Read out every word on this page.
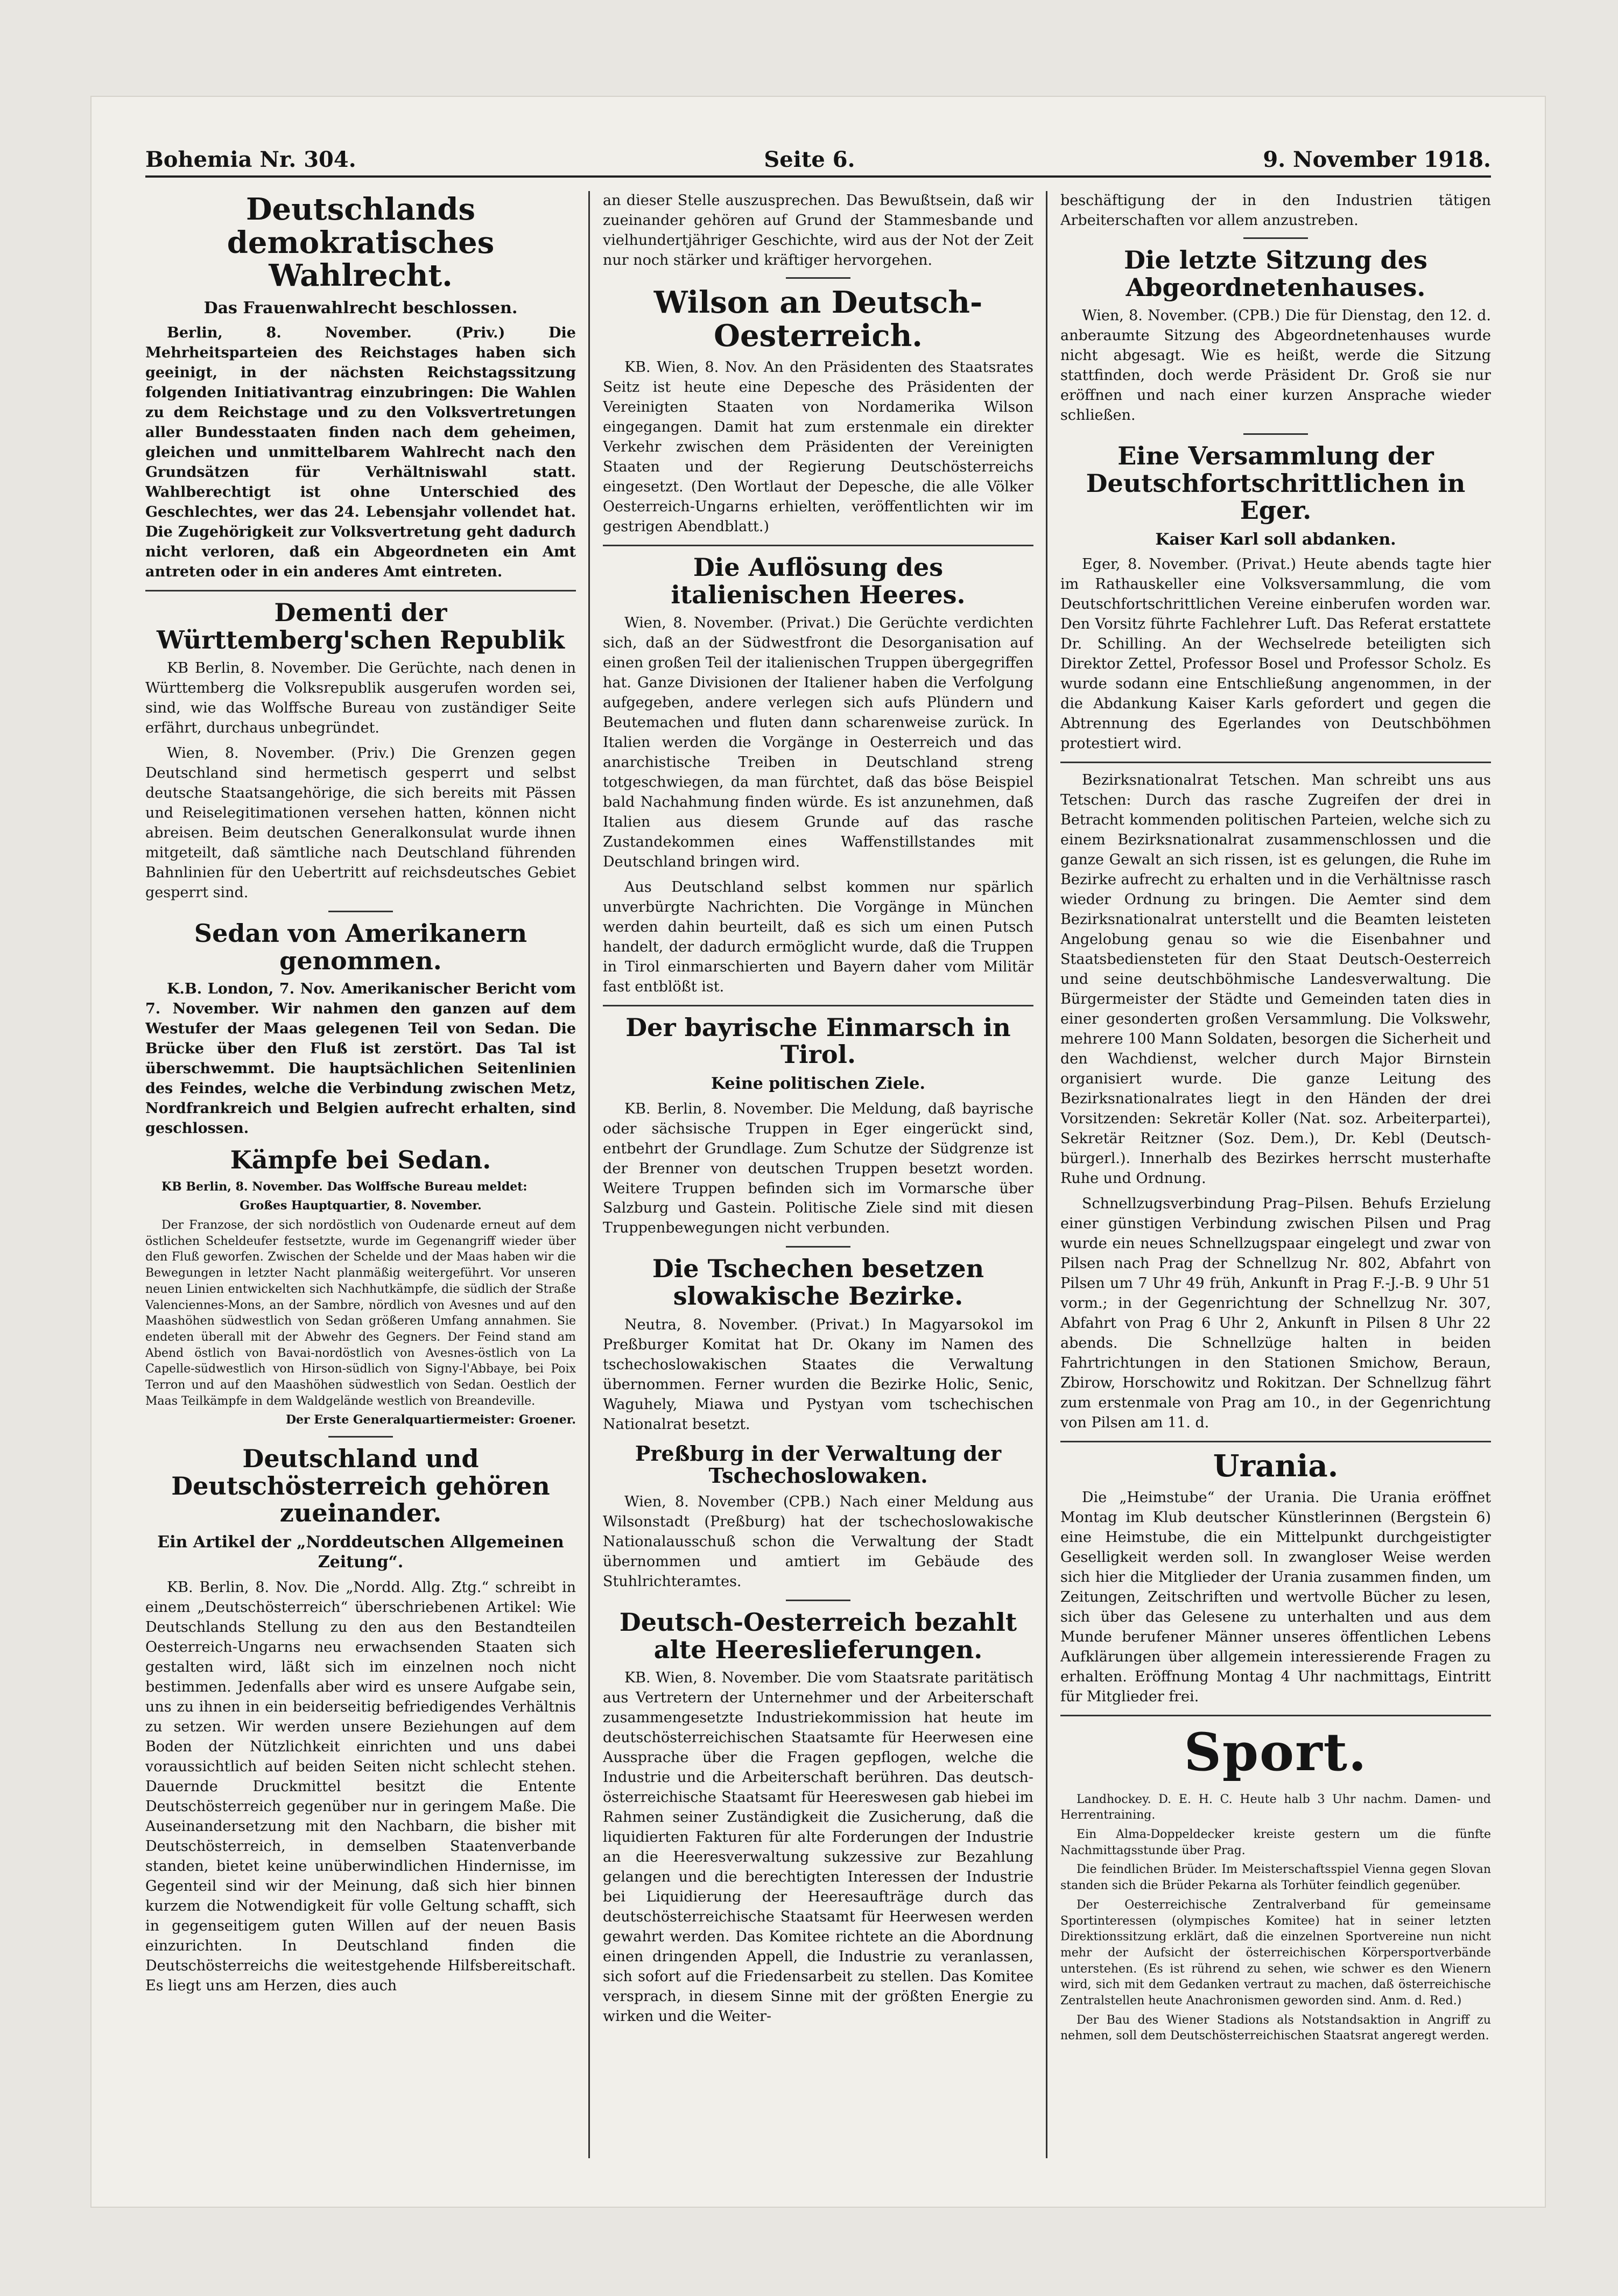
Bohemia Nr. 304.	Seite 6.	9. November 1918.
Deutschlands demokratisches Wahlrecht.
Das Frauenwahlrecht beschlossen.

Berlin, 8. November. (Priv.) Die Mehrheitsparteien des Reichstages haben sich geeinigt, in der nächsten Reichstagssitzung folgenden Initiativantrag einzubringen: Die Wahlen zu dem Reichstage und zu den Volksvertretungen aller Bundesstaaten finden nach dem geheimen, gleichen und unmittelbarem Wahlrecht nach den Grundsätzen für Verhältniswahl statt. Wahlberechtigt ist ohne Unterschied des Geschlechtes, wer das 24. Lebensjahr vollendet hat. Die Zugehörigkeit zur Volksvertretung geht dadurch nicht verloren, daß ein Abgeordneten ein Amt antreten oder in ein anderes Amt eintreten.

Dementi der Württemberg'schen Republik

KB Berlin, 8. November. Die Gerüchte, nach denen in Württemberg die Volksrepublik ausgerufen worden sei, sind, wie das Wolffsche Bureau von zuständiger Seite erfährt, durchaus unbegründet.

Wien, 8. November. (Priv.) Die Grenzen gegen Deutschland sind hermetisch gesperrt und selbst deutsche Staatsangehörige, die sich bereits mit Pässen und Reiselegitimationen versehen hatten, können nicht abreisen. Beim deutschen Generalkonsulat wurde ihnen mitgeteilt, daß sämtliche nach Deutschland führenden Bahnlinien für den Uebertritt auf reichsdeutsches Gebiet gesperrt sind.

Sedan von Amerikanern genommen.

K.B. London, 7. Nov. Amerikanischer Bericht vom 7. November. Wir nahmen den ganzen auf dem Westufer der Maas gelegenen Teil von Sedan. Die Brücke über den Fluß ist zerstört. Das Tal ist überschwemmt. Die hauptsächlichen Seitenlinien des Feindes, welche die Verbindung zwischen Metz, Nordfrankreich und Belgien aufrecht erhalten, sind geschlossen.

Kämpfe bei Sedan.

KB Berlin, 8. November. Das Wolffsche Bureau meldet:

Großes Hauptquartier, 8. November.

Der Franzose, der sich nordöstlich von Oudenarde erneut auf dem östlichen Scheldeufer festsetzte, wurde im Gegenangriff wieder über den Fluß geworfen. Zwischen der Schelde und der Maas haben wir die Bewegungen in letzter Nacht planmäßig weitergeführt. Vor unseren neuen Linien entwickelten sich Nachhutkämpfe, die südlich der Straße Valenciennes-Mons, an der Sambre, nördlich von Avesnes und auf den Maashöhen südwestlich von Sedan größeren Umfang annahmen. Sie endeten überall mit der Abwehr des Gegners. Der Feind stand am Abend östlich von Bavai-nordöstlich von Avesnes-östlich von La Capelle-südwestlich von Hirson-südlich von Signy-l'Abbaye, bei Poix Terron und auf den Maashöhen südwestlich von Sedan. Oestlich der Maas Teilkämpfe in dem Waldgelände westlich von Breandeville.

Der Erste Generalquartiermeister: Groener.

Deutschland und Deutschösterreich gehören zueinander.
Ein Artikel der „Norddeutschen Allgemeinen Zeitung“.

KB. Berlin, 8. Nov. Die „Nordd. Allg. Ztg.“ schreibt in einem „Deutschösterreich“ überschriebenen Artikel: Wie Deutschlands Stellung zu den aus den Bestandteilen Oesterreich-Ungarns neu erwachsenden Staaten sich gestalten wird, läßt sich im einzelnen noch nicht bestimmen. Jedenfalls aber wird es unsere Aufgabe sein, uns zu ihnen in ein beiderseitig befriedigendes Verhältnis zu setzen. Wir werden unsere Beziehungen auf dem Boden der Nützlichkeit einrichten und uns dabei voraussichtlich auf beiden Seiten nicht schlecht stehen. Dauernde Druckmittel besitzt die Entente Deutschösterreich gegenüber nur in geringem Maße. Die Auseinandersetzung mit den Nachbarn, die bisher mit Deutschösterreich, in demselben Staatenverbande standen, bietet keine unüberwindlichen Hindernisse, im Gegenteil sind wir der Meinung, daß sich hier binnen kurzem die Notwendigkeit für volle Geltung schafft, sich in gegenseitigem guten Willen auf der neuen Basis einzurichten. In Deutschland finden die Deutschösterreichs die weitestgehende Hilfsbereitschaft. Es liegt uns am Herzen, dies auch

an dieser Stelle auszusprechen. Das Bewußtsein, daß wir zueinander gehören auf Grund der Stammesbande und vielhundertjähriger Geschichte, wird aus der Not der Zeit nur noch stärker und kräftiger hervorgehen.

Wilson an Deutsch-Oesterreich.

KB. Wien, 8. Nov. An den Präsidenten des Staatsrates Seitz ist heute eine Depesche des Präsidenten der Vereinigten Staaten von Nordamerika Wilson eingegangen. Damit hat zum erstenmale ein direkter Verkehr zwischen dem Präsidenten der Vereinigten Staaten und der Regierung Deutschösterreichs eingesetzt. (Den Wortlaut der Depesche, die alle Völker Oesterreich-Ungarns erhielten, veröffentlichten wir im gestrigen Abendblatt.)

Die Auflösung des italienischen Heeres.

Wien, 8. November. (Privat.) Die Gerüchte verdichten sich, daß an der Südwestfront die Desorganisation auf einen großen Teil der italienischen Truppen übergegriffen hat. Ganze Divisionen der Italiener haben die Verfolgung aufgegeben, andere verlegen sich aufs Plündern und Beutemachen und fluten dann scharenweise zurück. In Italien werden die Vorgänge in Oesterreich und das anarchistische Treiben in Deutschland streng totgeschwiegen, da man fürchtet, daß das böse Beispiel bald Nachahmung finden würde. Es ist anzunehmen, daß Italien aus diesem Grunde auf das rasche Zustandekommen eines Waffenstillstandes mit Deutschland bringen wird.

Aus Deutschland selbst kommen nur spärlich unverbürgte Nachrichten. Die Vorgänge in München werden dahin beurteilt, daß es sich um einen Putsch handelt, der dadurch ermöglicht wurde, daß die Truppen in Tirol einmarschierten und Bayern daher vom Militär fast entblößt ist.

Der bayrische Einmarsch in Tirol.
Keine politischen Ziele.

KB. Berlin, 8. November. Die Meldung, daß bayrische oder sächsische Truppen in Eger eingerückt sind, entbehrt der Grundlage. Zum Schutze der Südgrenze ist der Brenner von deutschen Truppen besetzt worden. Weitere Truppen befinden sich im Vormarsche über Salzburg und Gastein. Politische Ziele sind mit diesen Truppenbewegungen nicht verbunden.

Die Tschechen besetzen slowakische Bezirke.

Neutra, 8. November. (Privat.) In Magyarsokol im Preßburger Komitat hat Dr. Okany im Namen des tschechoslowakischen Staates die Verwaltung übernommen. Ferner wurden die Bezirke Holic, Senic, Waguhely, Miawa und Pystyan vom tschechischen Nationalrat besetzt.

Preßburg in der Verwaltung der Tschechoslowaken.

Wien, 8. November (CPB.) Nach einer Meldung aus Wilsonstadt (Preßburg) hat der tschechoslowakische Nationalausschuß schon die Verwaltung der Stadt übernommen und amtiert im Gebäude des Stuhlrichteramtes.

Deutsch-Oesterreich bezahlt alte Heereslieferungen.

KB. Wien, 8. November. Die vom Staatsrate paritätisch aus Vertretern der Unternehmer und der Arbeiterschaft zusammengesetzte Industriekommission hat heute im deutschösterreichischen Staatsamte für Heerwesen eine Aussprache über die Fragen gepflogen, welche die Industrie und die Arbeiterschaft berühren. Das deutsch-österreichische Staatsamt für Heereswesen gab hiebei im Rahmen seiner Zuständigkeit die Zusicherung, daß die liquidierten Fakturen für alte Forderungen der Industrie an die Heeresverwaltung sukzessive zur Bezahlung gelangen und die berechtigten Interessen der Industrie bei Liquidierung der Heeresaufträge durch das deutschösterreichische Staatsamt für Heerwesen werden gewahrt werden. Das Komitee richtete an die Abordnung einen dringenden Appell, die Industrie zu veranlassen, sich sofort auf die Friedensarbeit zu stellen. Das Komitee versprach, in diesem Sinne mit der größten Energie zu wirken und die Weiter-

beschäftigung der in den Industrien tätigen Arbeiterschaften vor allem anzustreben.

Die letzte Sitzung des Abgeordnetenhauses.

Wien, 8. November. (CPB.) Die für Dienstag, den 12. d. anberaumte Sitzung des Abgeordnetenhauses wurde nicht abgesagt. Wie es heißt, werde die Sitzung stattfinden, doch werde Präsident Dr. Groß sie nur eröffnen und nach einer kurzen Ansprache wieder schließen.

Eine Versammlung der Deutschfortschrittlichen in Eger.
Kaiser Karl soll abdanken.

Eger, 8. November. (Privat.) Heute abends tagte hier im Rathauskeller eine Volksversammlung, die vom Deutschfortschrittlichen Vereine einberufen worden war. Den Vorsitz führte Fachlehrer Luft. Das Referat erstattete Dr. Schilling. An der Wechselrede beteiligten sich Direktor Zettel, Professor Bosel und Professor Scholz. Es wurde sodann eine Entschließung angenommen, in der die Abdankung Kaiser Karls gefordert und gegen die Abtrennung des Egerlandes von Deutschböhmen protestiert wird.

Bezirksnationalrat Tetschen. Man schreibt uns aus Tetschen: Durch das rasche Zugreifen der drei in Betracht kommenden politischen Parteien, welche sich zu einem Bezirksnationalrat zusammenschlossen und die ganze Gewalt an sich rissen, ist es gelungen, die Ruhe im Bezirke aufrecht zu erhalten und in die Verhältnisse rasch wieder Ordnung zu bringen. Die Aemter sind dem Bezirksnationalrat unterstellt und die Beamten leisteten Angelobung genau so wie die Eisenbahner und Staatsbediensteten für den Staat Deutsch-Oesterreich und seine deutschböhmische Landesverwaltung. Die Bürgermeister der Städte und Gemeinden taten dies in einer gesonderten großen Versammlung. Die Volkswehr, mehrere 100 Mann Soldaten, besorgen die Sicherheit und den Wachdienst, welcher durch Major Birnstein organisiert wurde. Die ganze Leitung des Bezirksnationalrates liegt in den Händen der drei Vorsitzenden: Sekretär Koller (Nat. soz. Arbeiterpartei), Sekretär Reitzner (Soz. Dem.), Dr. Kebl (Deutsch-bürgerl.). Innerhalb des Bezirkes herrscht musterhafte Ruhe und Ordnung.

Schnellzugsverbindung Prag–Pilsen. Behufs Erzielung einer günstigen Verbindung zwischen Pilsen und Prag wurde ein neues Schnellzugspaar eingelegt und zwar von Pilsen nach Prag der Schnellzug Nr. 802, Abfahrt von Pilsen um 7 Uhr 49 früh, Ankunft in Prag F.-J.-B. 9 Uhr 51 vorm.; in der Gegenrichtung der Schnellzug Nr. 307, Abfahrt von Prag 6 Uhr 2, Ankunft in Pilsen 8 Uhr 22 abends. Die Schnellzüge halten in beiden Fahrtrichtungen in den Stationen Smichow, Beraun, Zbirow, Horschowitz und Rokitzan. Der Schnellzug fährt zum erstenmale von Prag am 10., in der Gegenrichtung von Pilsen am 11. d.

Urania.

Die „Heimstube“ der Urania. Die Urania eröffnet Montag im Klub deutscher Künstlerinnen (Bergstein 6) eine Heimstube, die ein Mittelpunkt durchgeistigter Geselligkeit werden soll. In zwangloser Weise werden sich hier die Mitglieder der Urania zusammen finden, um Zeitungen, Zeitschriften und wertvolle Bücher zu lesen, sich über das Gelesene zu unterhalten und aus dem Munde berufener Männer unseres öffentlichen Lebens Aufklärungen über allgemein interessierende Fragen zu erhalten. Eröffnung Montag 4 Uhr nachmittags, Eintritt für Mitglieder frei.

Sport.

Landhockey. D. E. H. C. Heute halb 3 Uhr nachm. Damen- und Herrentraining.

Ein Alma-Doppeldecker kreiste gestern um die fünfte Nachmittagsstunde über Prag.

Die feindlichen Brüder. Im Meisterschaftsspiel Vienna gegen Slovan standen sich die Brüder Pekarna als Torhüter feindlich gegenüber.

Der Oesterreichische Zentralverband für gemeinsame Sportinteressen (olympisches Komitee) hat in seiner letzten Direktionssitzung erklärt, daß die einzelnen Sportvereine nun nicht mehr der Aufsicht der österreichischen Körpersportverbände unterstehen. (Es ist rührend zu sehen, wie schwer es den Wienern wird, sich mit dem Gedanken vertraut zu machen, daß österreichische Zentralstellen heute Anachronismen geworden sind. Anm. d. Red.)

Der Bau des Wiener Stadions als Notstandsaktion in Angriff zu nehmen, soll dem Deutschösterreichischen Staatsrat angeregt werden.
